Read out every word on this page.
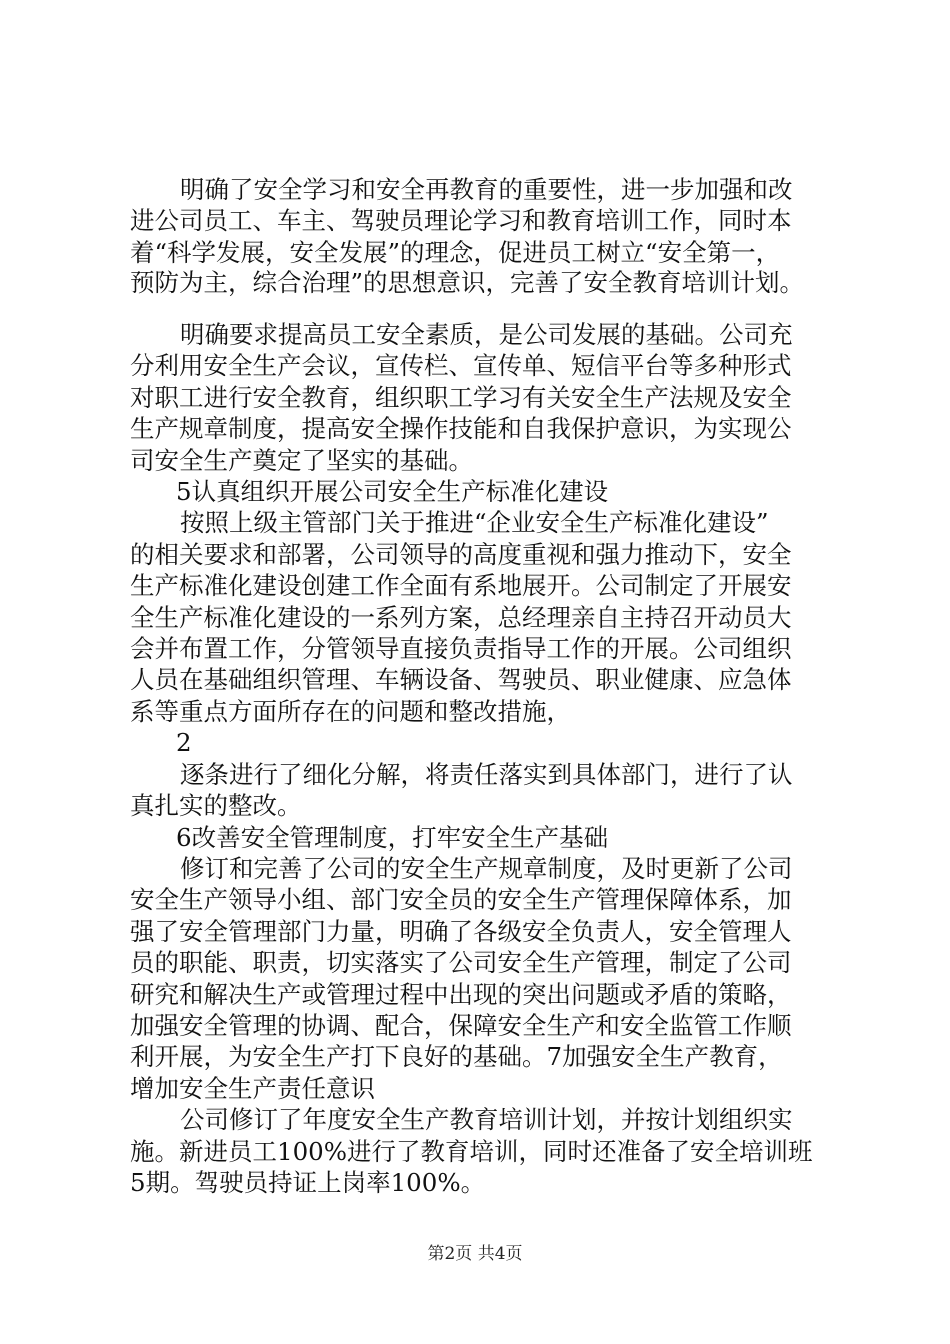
明确了安全学习和安全再教育的重要性，进一步加强和改
进公司员工、车主、驾驶员理论学习和教育培训工作，同时本
着“科学发展，安全发展”的理念，促进员工树立“安全第一，
预防为主，综合治理”的思想意识，完善了安全教育培训计划。
明确要求提高员工安全素质，是公司发展的基础。公司充
分利用安全生产会议，宣传栏、宣传单、短信平台等多种形式
对职工进行安全教育，组织职工学习有关安全生产法规及安全
生产规章制度，提高安全操作技能和自我保护意识，为实现公
司安全生产奠定了坚实的基础。
5认真组织开展公司安全生产标准化建设
按照上级主管部门关于推进“企业安全生产标准化建设”
的相关要求和部署，公司领导的高度重视和强力推动下，安全
生产标准化建设创建工作全面有系地展开。公司制定了开展安
全生产标准化建设的一系列方案，总经理亲自主持召开动员大
会并布置工作，分管领导直接负责指导工作的开展。公司组织
人员在基础组织管理、车辆设备、驾驶员、职业健康、应急体
系等重点方面所存在的问题和整改措施，
2
逐条进行了细化分解，将责任落实到具体部门，进行了认
真扎实的整改。
6改善安全管理制度，打牢安全生产基础
修订和完善了公司的安全生产规章制度，及时更新了公司
安全生产领导小组、部门安全员的安全生产管理保障体系，加
强了安全管理部门力量，明确了各级安全负责人，安全管理人
员的职能、职责，切实落实了公司安全生产管理，制定了公司
研究和解决生产或管理过程中出现的突出问题或矛盾的策略，
加强安全管理的协调、配合，保障安全生产和安全监管工作顺
利开展，为安全生产打下良好的基础。7加强安全生产教育，
增加安全生产责任意识
公司修订了年度安全生产教育培训计划，并按计划组织实
施。新进员工100%进行了教育培训，同时还准备了安全培训班
5期。驾驶员持证上岗率100%。
第2页 共4页
